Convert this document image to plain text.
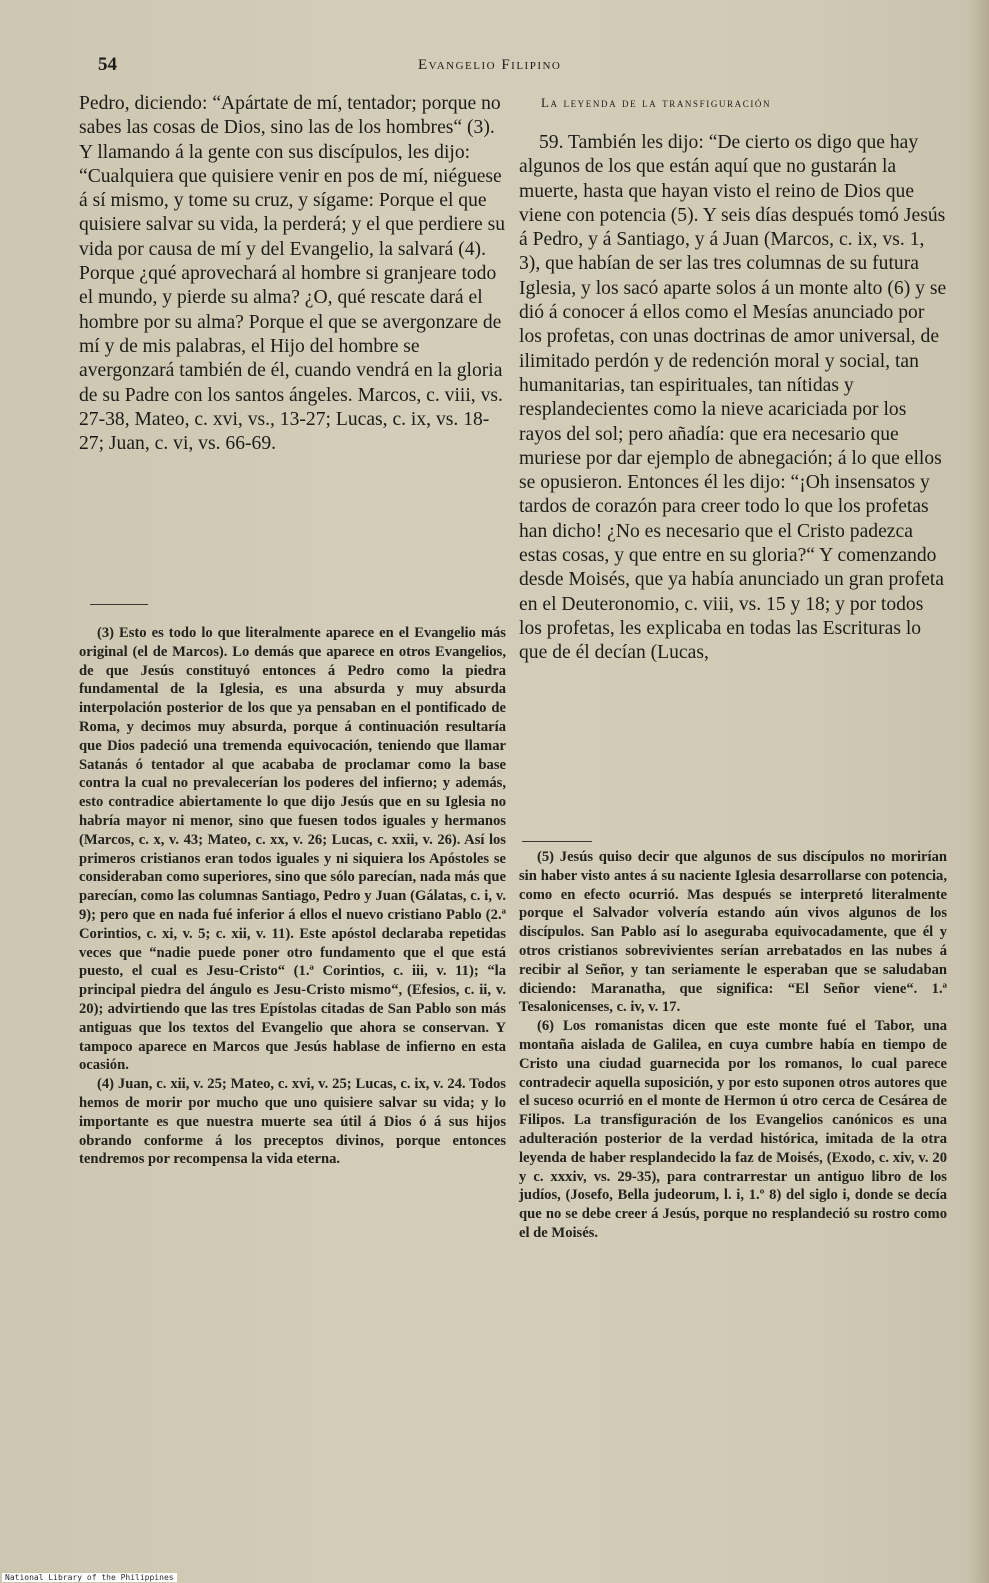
54	Evangelio Filipino

Pedro, diciendo: “Apártate de mí, tentador; porque no sabes las cosas de Dios, sino las de los hombres“ (3). Y llamando á la gente con sus discípulos, les dijo: “Cualquiera que quisiere venir en pos de mí, niéguese á sí mismo, y tome su cruz, y sígame: Porque el que quisiere salvar su vida, la perderá; y el que perdiere su vida por causa de mí y del Evangelio, la salvará (4). Porque ¿qué aprovechará al hombre si granjeare todo el mundo, y pierde su alma? ¿O, qué rescate dará el hombre por su alma? Porque el que se avergonzare de mí y de mis palabras, el Hijo del hombre se avergonzará también de él, cuando vendrá en la gloria de su Padre con los santos ángeles. Marcos, c. viii, vs. 27-38, Mateo, c. xvi, vs., 13-27; Lucas, c. ix, vs. 18-27; Juan, c. vi, vs. 66-69.

(3) Esto es todo lo que literalmente aparece en el Evangelio más original (el de Marcos). Lo demás que aparece en otros Evangelios, de que Jesús constituyó entonces á Pedro como la piedra fundamental de la Iglesia, es una absurda y muy absurda interpolación posterior de los que ya pensaban en el pontificado de Roma, y decimos muy absurda, porque á continuación resultaría que Dios padeció una tremenda equivocación, teniendo que llamar Satanás ó tentador al que acababa de proclamar como la base contra la cual no prevalecerían los poderes del infierno; y además, esto contradice abiertamente lo que dijo Jesús que en su Iglesia no habría mayor ni menor, sino que fuesen todos iguales y hermanos (Marcos, c. x, v. 43; Mateo, c. xx, v. 26; Lucas, c. xxii, v. 26). Así los primeros cristianos eran todos iguales y ni siquiera los Apóstoles se consideraban como superiores, sino que sólo parecían, nada más que parecían, como las columnas Santiago, Pedro y Juan (Gálatas, c. i, v. 9); pero que en nada fué inferior á ellos el nuevo cristiano Pablo (2.ª Corintios, c. xi, v. 5; c. xii, v. 11). Este apóstol declaraba repetidas veces que “nadie puede poner otro fundamento que el que está puesto, el cual es Jesu-Cristo“ (1.ª Corintios, c. iii, v. 11); “la principal piedra del ángulo es Jesu-Cristo mismo“, (Efesios, c. ii, v. 20); advirtiendo que las tres Epístolas citadas de San Pablo son más antiguas que los textos del Evangelio que ahora se conservan. Y tampoco aparece en Marcos que Jesús hablase de infierno en esta ocasión.

(4) Juan, c. xii, v. 25; Mateo, c. xvi, v. 25; Lucas, c. ix, v. 24. Todos hemos de morir por mucho que uno quisiere salvar su vida; y lo importante es que nuestra muerte sea útil á Dios ó á sus hijos obrando conforme á los preceptos divinos, porque entonces tendremos por recompensa la vida eterna.

La leyenda de la transfiguración

59. También les dijo: “De cierto os digo que hay algunos de los que están aquí que no gustarán la muerte, hasta que hayan visto el reino de Dios que viene con potencia (5). Y seis días después tomó Jesús á Pedro, y á Santiago, y á Juan (Marcos, c. ix, vs. 1, 3), que habían de ser las tres columnas de su futura Iglesia, y los sacó aparte solos á un monte alto (6) y se dió á conocer á ellos como el Mesías anunciado por los profetas, con unas doctrinas de amor universal, de ilimitado perdón y de redención moral y social, tan humanitarias, tan espirituales, tan nítidas y resplandecientes como la nieve acariciada por los rayos del sol; pero añadía: que era necesario que muriese por dar ejemplo de abnegación; á lo que ellos se opusieron. Entonces él les dijo: “¡Oh insensatos y tardos de corazón para creer todo lo que los profetas han dicho! ¿No es necesario que el Cristo padezca estas cosas, y que entre en su gloria?“ Y comenzando desde Moisés, que ya había anunciado un gran profeta en el Deuteronomio, c. viii, vs. 15 y 18; y por todos los profetas, les explicaba en todas las Escrituras lo que de él decían (Lucas,

(5) Jesús quiso decir que algunos de sus discípulos no morirían sin haber visto antes á su naciente Iglesia desarrollarse con potencia, como en efecto ocurrió. Mas después se interpretó literalmente porque el Salvador volvería estando aún vivos algunos de los discípulos. San Pablo así lo aseguraba equivocadamente, que él y otros cristianos sobrevivientes serían arrebatados en las nubes á recibir al Señor, y tan seriamente le esperaban que se saludaban diciendo: Maranatha, que significa: “El Señor viene“. 1.ª Tesalonicenses, c. iv, v. 17.

(6) Los romanistas dicen que este monte fué el Tabor, una montaña aislada de Galilea, en cuya cumbre había en tiempo de Cristo una ciudad guarnecida por los romanos, lo cual parece contradecir aquella suposición, y por esto suponen otros autores que el suceso ocurrió en el monte de Hermon ú otro cerca de Cesárea de Filipos. La transfiguración de los Evangelios canónicos es una adulteración posterior de la verdad histórica, imitada de la otra leyenda de haber resplandecido la faz de Moisés, (Exodo, c. xiv, v. 20 y c. xxxiv, vs. 29-35), para contrarrestar un antiguo libro de los judíos, (Josefo, Bella judeorum, l. i, 1.º 8) del siglo i, donde se decía que no se debe creer á Jesús, porque no resplandeció su rostro como el de Moisés.

National Library of the Philippines
